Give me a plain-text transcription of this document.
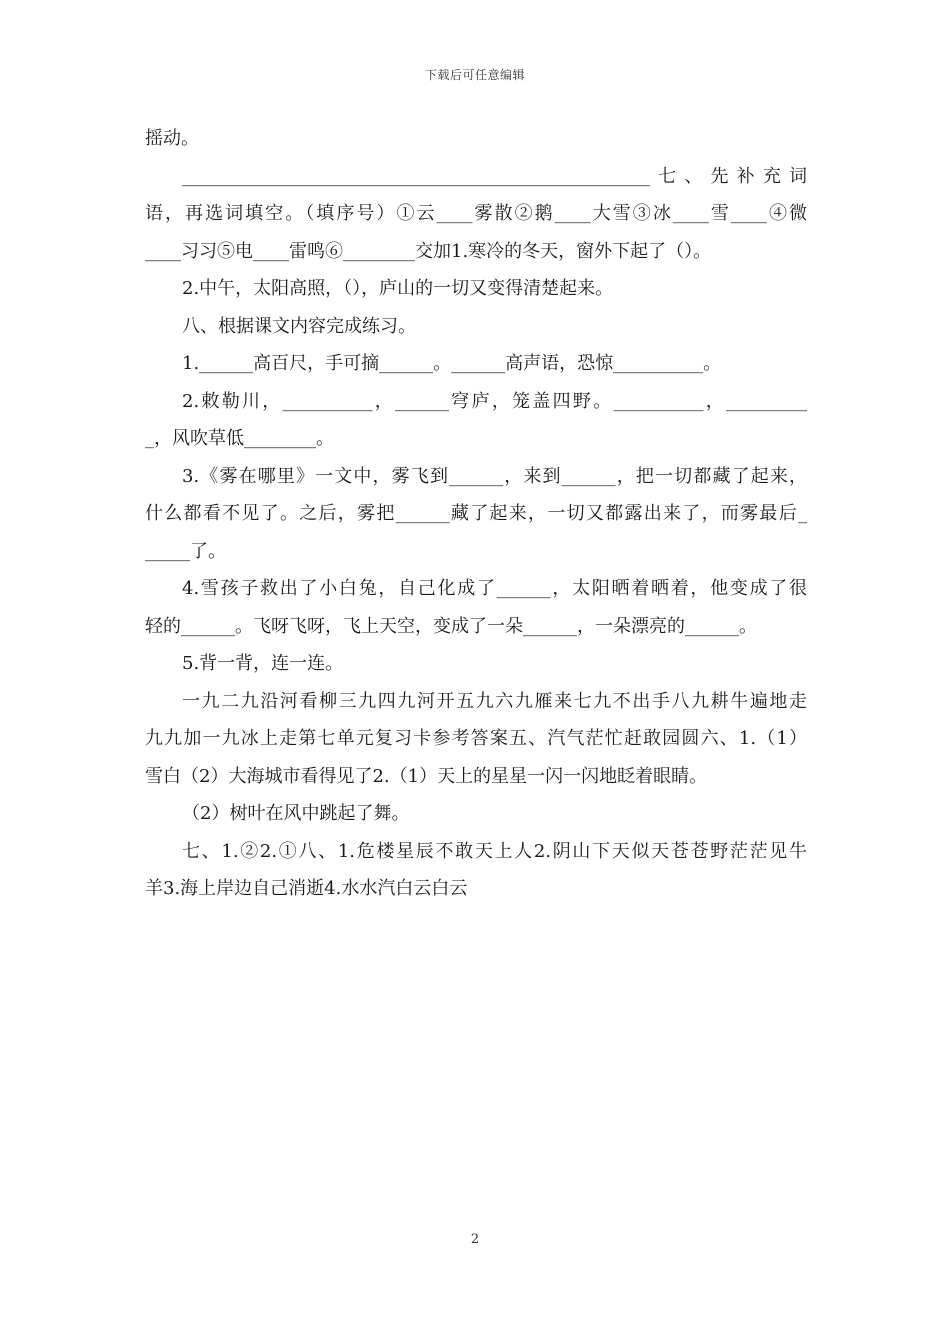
下载后可任意编辑
摇动。
____________________________________________________七、先补充词
语，再选词填空。（填序号）①云____雾散②鹅____大雪③冰____雪____④微
____习习⑤电____雷鸣⑥________交加1.寒冷的冬天，窗外下起了（）。
2.中午，太阳高照，（），庐山的一切又变得清楚起来。
八、根据课文内容完成练习。
1.______高百尺，手可摘______。______高声语，恐惊__________。
2.敕勒川，__________，______穹庐，笼盖四野。__________，_________
_，风吹草低________。
3.《雾在哪里》一文中，雾飞到______，来到______，把一切都藏了起来，
什么都看不见了。之后，雾把______藏了起来，一切又都露出来了，而雾最后_
_____了。
4.雪孩子救出了小白兔，自己化成了______，太阳晒着晒着，他变成了很
轻的______。飞呀飞呀，飞上天空，变成了一朵______，一朵漂亮的______。
5.背一背，连一连。
一九二九沿河看柳三九四九河开五九六九雁来七九不出手八九耕牛遍地走
九九加一九冰上走第七单元复习卡参考答案五、汽气茫忙赶敢园圆六、1.（1）
雪白（2）大海城市看得见了2.（1）天上的星星一闪一闪地眨着眼睛。
（2）树叶在风中跳起了舞。
七、1.②2.①八、1.危楼星辰不敢天上人2.阴山下天似天苍苍野茫茫见牛
羊3.海上岸边自己消逝4.水水汽白云白云
2
